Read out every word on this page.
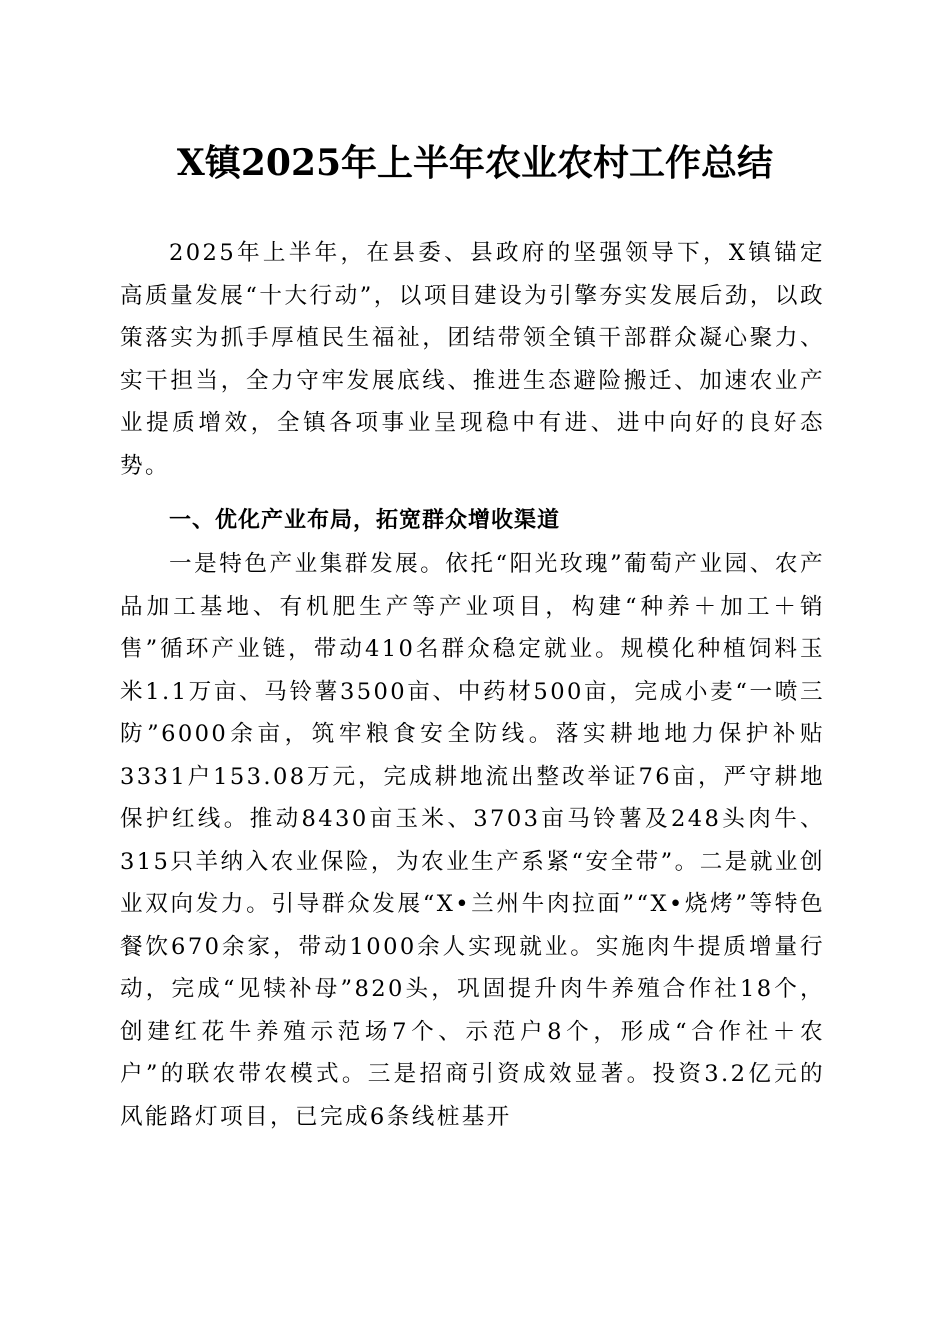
X镇2025年上半年农业农村工作总结
2025年上半年，在县委、县政府的坚强领导下，X镇锚定高质量发展“十大行动”，以项目建设为引擎夯实发展后劲，以政策落实为抓手厚植民生福祉，团结带领全镇干部群众凝心聚力、实干担当，全力守牢发展底线、推进生态避险搬迁、加速农业产业提质增效，全镇各项事业呈现稳中有进、进中向好的良好态势。
一、优化产业布局，拓宽群众增收渠道
一是特色产业集群发展。依托“阳光玫瑰”葡萄产业园、农产品加工基地、有机肥生产等产业项目，构建“种养＋加工＋销售”循环产业链，带动410名群众稳定就业。规模化种植饲料玉米1.1万亩、马铃薯3500亩、中药材500亩，完成小麦“一喷三防”6000余亩，筑牢粮食安全防线。落实耕地地力保护补贴3331户153.08万元，完成耕地流出整改举证76亩，严守耕地保护红线。推动8430亩玉米、3703亩马铃薯及248头肉牛、315只羊纳入农业保险，为农业生产系紧“安全带”。二是就业创业双向发力。引导群众发展“X•兰州牛肉拉面”“X•烧烤”等特色餐饮670余家，带动1000余人实现就业。实施肉牛提质增量行动，完成“见犊补母”820头，巩固提升肉牛养殖合作社18个，创建红花牛养殖示范场7个、示范户8个，形成“合作社＋农户”的联农带农模式。三是招商引资成效显著。投资3.2亿元的风能路灯项目，已完成6条线桩基开
